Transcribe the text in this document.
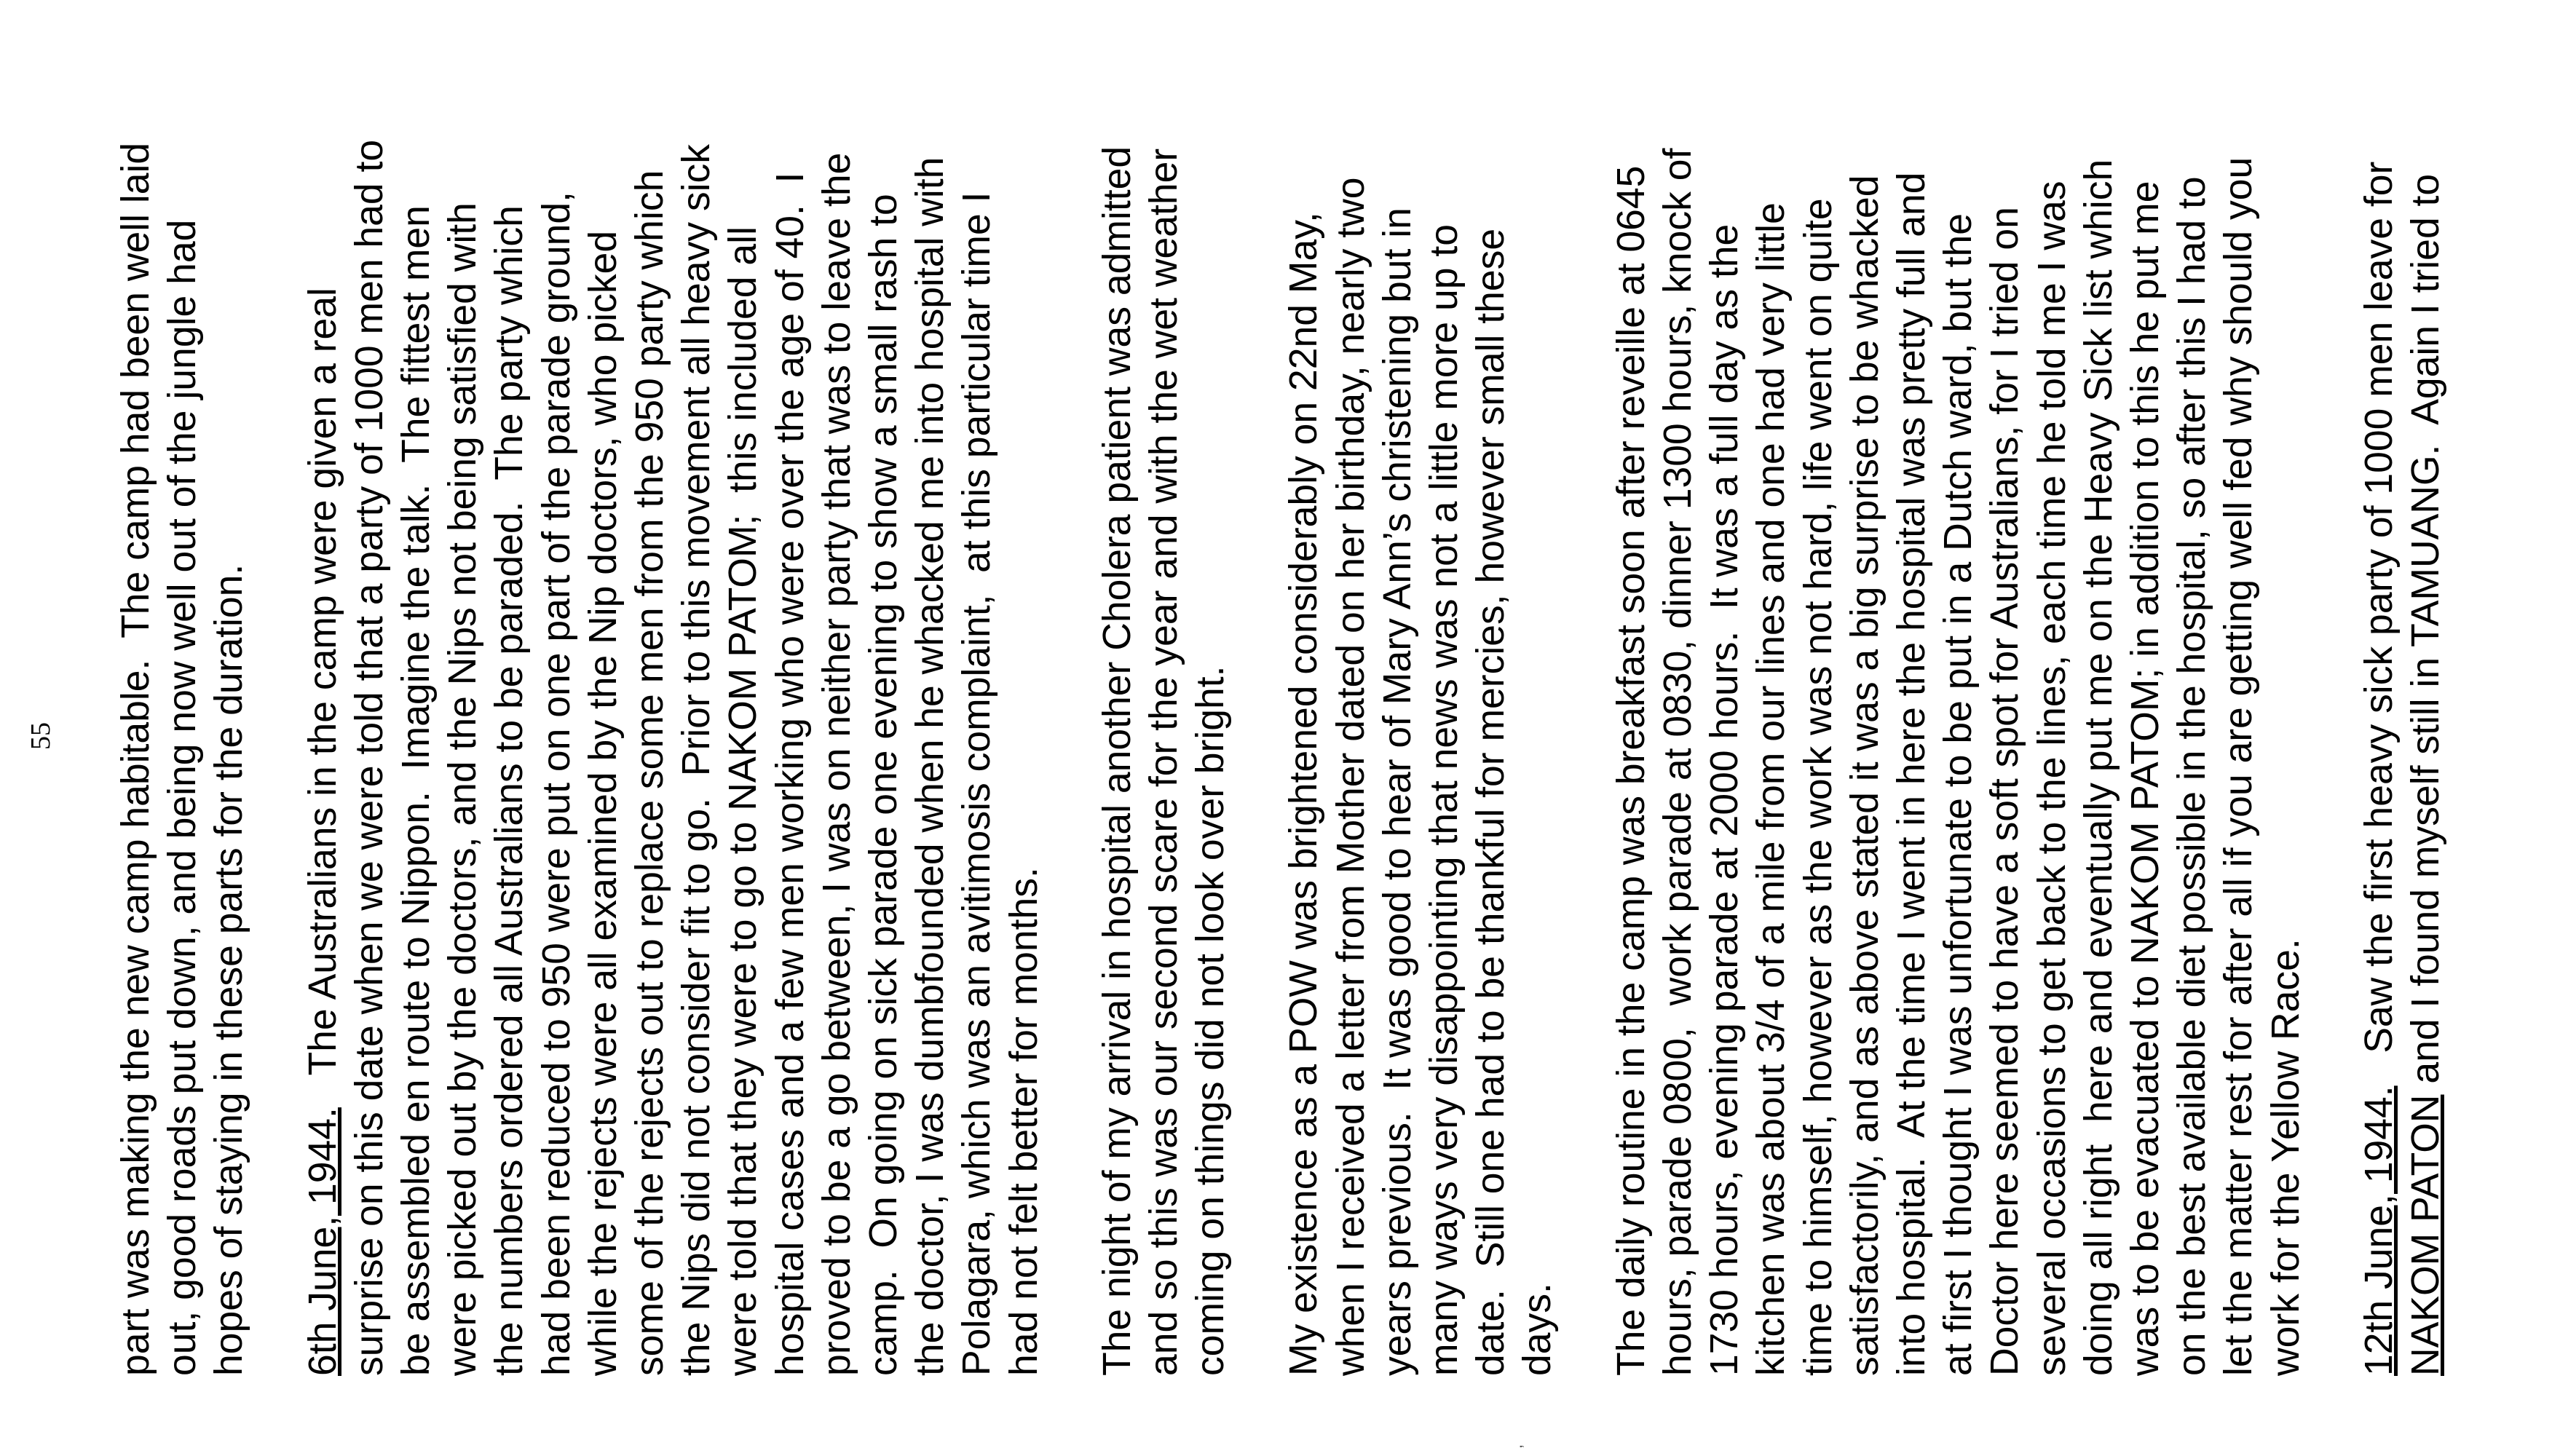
55 part was making the new camp habitable.  The camp had been well laid out, good roads put down, and being now well out of the jungle had hopes of staying in these parts for the duration. 6th June, 1944.   The Australians in the camp were given a real surprise on this date when we were told that a party of 1000 men had to be assembled en route to Nippon.  Imagine the talk.  The fittest men were picked out by the doctors, and the Nips not being satisfied with the numbers ordered all Australians to be paraded.  The party which had been reduced to 950 were put on one part of the parade ground, while the rejects were all examined by the Nip doctors, who picked some of the rejects out to replace some men from the 950 party which the Nips did not consider fit to go.  Prior to this movement all heavy sick were told that they were to go to NAKOM PATOM;  this included all hospital cases and a few men working who were over the age of 40.  I proved to be a go between, I was on neither party that was to leave the camp.  On going on sick parade one evening to show a small rash to the doctor, I was dumbfounded when he whacked me into hospital with Polagara, which was an avitimosis complaint,  at this particular time I had not felt better for months. The night of my arrival in hospital another Cholera patient was admitted and so this was our second scare for the year and with the wet weather coming on things did not look over bright. My existence as a POW was brightened considerably on 22nd May, when I received a letter from Mother dated on her birthday, nearly two years previous.  It was good to hear of Mary Ann’s christening but in many ways very disappointing that news was not a little more up to date.  Still one had to be thankful for mercies, however small these days. The daily routine in the camp was breakfast soon after reveille at 0645 hours, parade 0800,  work parade at 0830, dinner 1300 hours, knock of 1730 hours, evening parade at 2000 hours.  It was a full day as the kitchen was about 3/4 of a mile from our lines and one had very little time to himself, however as the work was not hard, life went on quite satisfactorily, and as above stated it was a big surprise to be whacked into hospital.  At the time I went in here the hospital was pretty full and at first I thought I was unfortunate to be put in a Dutch ward, but the Doctor here seemed to have a soft spot for Australians, for I tried on several occasions to get back to the lines, each time he told me I was doing all right  here and eventually put me on the Heavy Sick list which was to be evacuated to NAKOM PATOM; in addition to this he put me on the best available diet possible in the hospital, so after this I had to let the matter rest for after all if you are getting well fed why should you work for the Yellow Race. 12th June, 1944.   Saw the first heavy sick party of 1000 men leave for
NAKOM PATON and I found myself still in TAMUANG.  Again I tried to
,
